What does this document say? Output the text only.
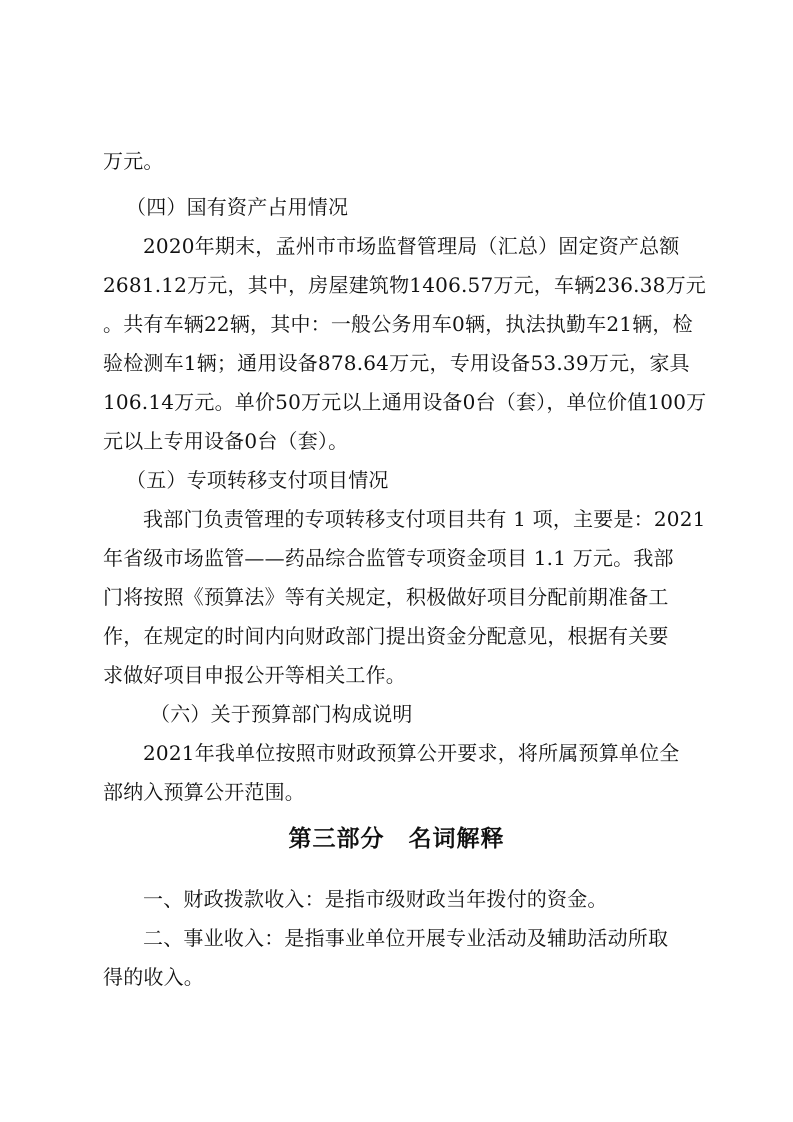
万元。
（四）国有资产占用情况
2020年期末，孟州市市场监督管理局（汇总）固定资产总额
2681.12万元，其中，房屋建筑物1406.57万元，车辆236.38万元
。共有车辆22辆，其中：一般公务用车0辆，执法执勤车21辆，检
验检测车1辆；通用设备878.64万元，专用设备53.39万元，家具
106.14万元。单价50万元以上通用设备0台（套），单位价值100万
元以上专用设备0台（套）。
（五）专项转移支付项目情况
我部门负责管理的专项转移支付项目共有 1 项，主要是：2021
年省级市场监管——药品综合监管专项资金项目 1.1 万元。我部
门将按照《预算法》等有关规定，积极做好项目分配前期准备工
作，在规定的时间内向财政部门提出资金分配意见，根据有关要
求做好项目申报公开等相关工作。
（六）关于预算部门构成说明
2021年我单位按照市财政预算公开要求，将所属预算单位全
部纳入预算公开范围。
第三部分　名词解释
一、财政拨款收入：是指市级财政当年拨付的资金。
二、事业收入：是指事业单位开展专业活动及辅助活动所取
得的收入。
